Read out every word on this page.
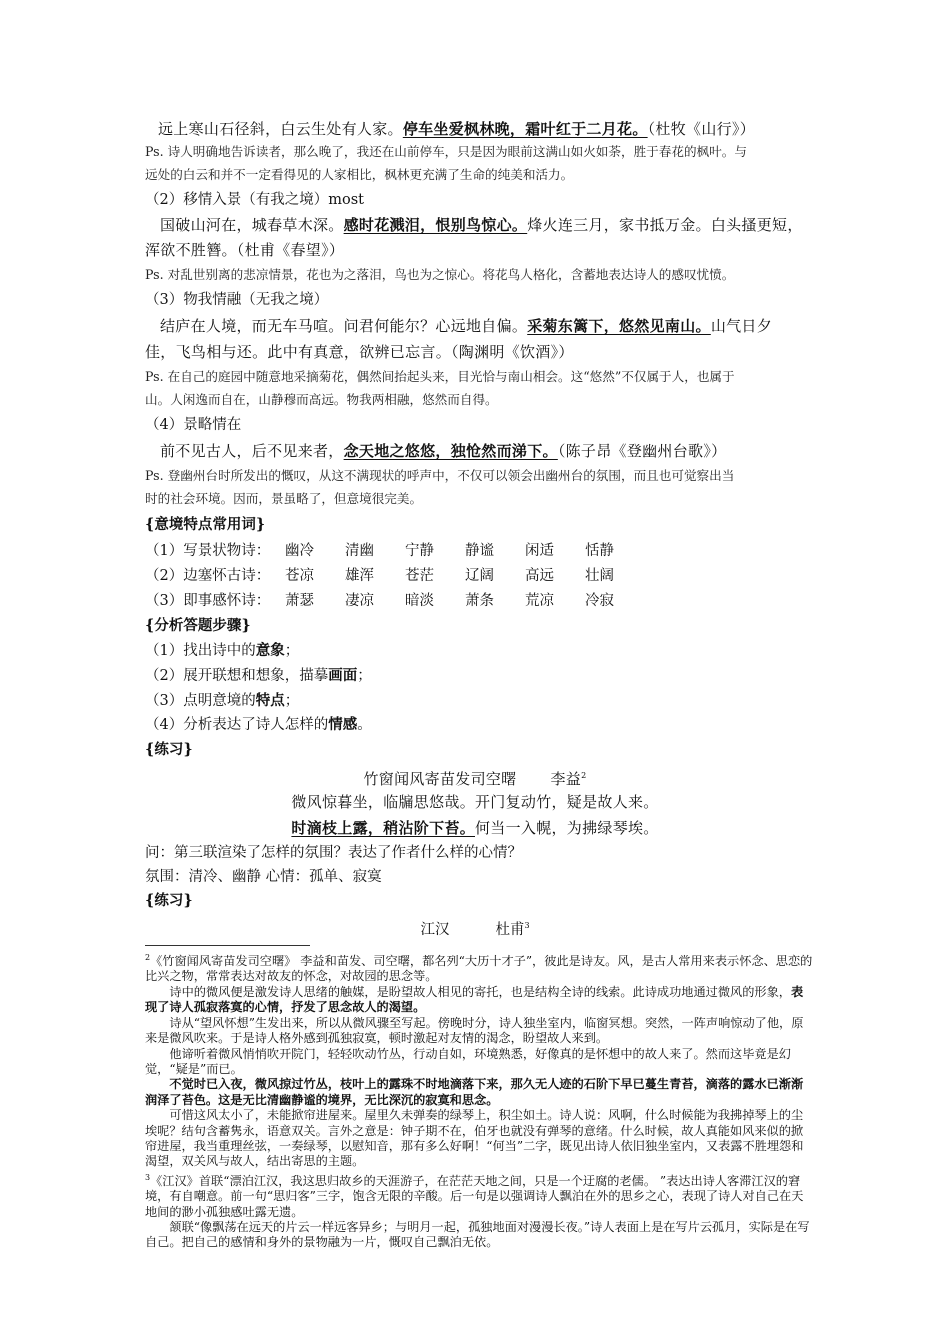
远上寒山石径斜，白云生处有人家。停车坐爱枫林晚，霜叶红于二月花。（杜牧《山行》）
Ps. 诗人明确地告诉读者，那么晚了，我还在山前停车，只是因为眼前这满山如火如荼，胜于春花的枫叶。与
远处的白云和并不一定看得见的人家相比，枫林更充满了生命的纯美和活力。
（2）移情入景（有我之境）most
国破山河在，城春草木深。感时花溅泪，恨别鸟惊心。烽火连三月，家书抵万金。白头搔更短，
浑欲不胜簪。（杜甫《春望》）
Ps. 对乱世别离的悲凉情景，花也为之落泪，鸟也为之惊心。将花鸟人格化，含蓄地表达诗人的感叹忧愤。
（3）物我情融（无我之境）
结庐在人境，而无车马喧。问君何能尔？心远地自偏。采菊东篱下，悠然见南山。山气日夕
佳，飞鸟相与还。此中有真意，欲辨已忘言。（陶渊明《饮酒》）
Ps. 在自己的庭园中随意地采摘菊花，偶然间抬起头来，目光恰与南山相会。这“悠然”不仅属于人，也属于
山。人闲逸而自在，山静穆而高远。物我两相融，悠然而自得。
（4）景略情在
前不见古人，后不见来者，念天地之悠悠，独怆然而涕下。（陈子昂《登幽州台歌》）
Ps. 登幽州台时所发出的慨叹，从这不满现状的呼声中，不仅可以领会出幽州台的氛围，而且也可觉察出当
时的社会环境。因而，景虽略了，但意境很完美。
{意境特点常用词}
（1）写景状物诗： 幽冷 清幽 宁静 静谧 闲适 恬静
（2）边塞怀古诗： 苍凉 雄浑 苍茫 辽阔 高远 壮阔
（3）即事感怀诗： 萧瑟 凄凉 暗淡 萧条 荒凉 冷寂
{分析答题步骤}
（1）找出诗中的意象；
（2）展开联想和想象，描摹画面；
（3）点明意境的特点；
（4）分析表达了诗人怎样的情感。
{练习}
竹窗闻风寄苗发司空曙 李益$^2$
微风惊暮坐，临牖思悠哉。开门复动竹，疑是故人来。
时滴枝上露，稍沾阶下苔。何当一入幌，为拂绿琴埃。
问：第三联渲染了怎样的氛围？表达了作者什么样的心情？
氛围：清冷、幽静 心情：孤单、寂寞
{练习}
江汉	杜甫$^3$

$^2$《竹窗闻风寄苗发司空曙》 李益和苗发、司空曙，都名列“大历十才子”，彼此是诗友。风，是古人常用来表示怀念、思恋的比兴之物，常常表达对故友的怀念，对故园的思念等。

诗中的微风便是激发诗人思绪的触媒，是盼望故人相见的寄托，也是结构全诗的线索。此诗成功地通过微风的形象，表现了诗人孤寂落寞的心情，抒发了思念故人的渴望。

诗从“望风怀想”生发出来，所以从微风骤至写起。傍晚时分，诗人独坐室内，临窗冥想。突然，一阵声响惊动了他，原来是微风吹来。于是诗人格外感到孤独寂寞，顿时激起对友情的渴念，盼望故人来到。

他谛听着微风悄悄吹开院门，轻轻吹动竹丛，行动自如，环境熟悉，好像真的是怀想中的故人来了。然而这毕竟是幻觉，“疑是”而已。

不觉时已入夜，微风掠过竹丛，枝叶上的露珠不时地滴落下来，那久无人迹的石阶下早已蔓生青苔，滴落的露水已渐渐润泽了苔色。这是无比清幽静谧的境界，无比深沉的寂寞和思念。

可惜这风太小了，未能掀帘进屋来。屋里久未弹奏的绿琴上，积尘如土。诗人说：风啊，什么时候能为我拂掉琴上的尘埃呢？结句含蓄隽永，语意双关。言外之意是：钟子期不在，伯牙也就没有弹琴的意绪。什么时候，故人真能如风来似的掀帘进屋，我当重理丝弦，一奏绿琴，以慰知音，那有多么好啊！“何当”二字，既见出诗人依旧独坐室内，又表露不胜埋怨和渴望，双关风与故人，结出寄思的主题。

$^3$《江汉》首联“漂泊江汉，我这思归故乡的天涯游子，在茫茫天地之间，只是一个迂腐的老儒。 ”表达出诗人客滞江汉的窘境，有自嘲意。前一句“思归客”三字，饱含无限的辛酸。后一句是以强调诗人飘泊在外的思乡之心，表现了诗人对自己在天地间的渺小孤独感吐露无遗。

颔联“像飘荡在远天的片云一样远客异乡；与明月一起，孤独地面对漫漫长夜。”诗人表面上是在写片云孤月，实际是在写自己。把自己的感情和身外的景物融为一片，慨叹自己飘泊无依。
